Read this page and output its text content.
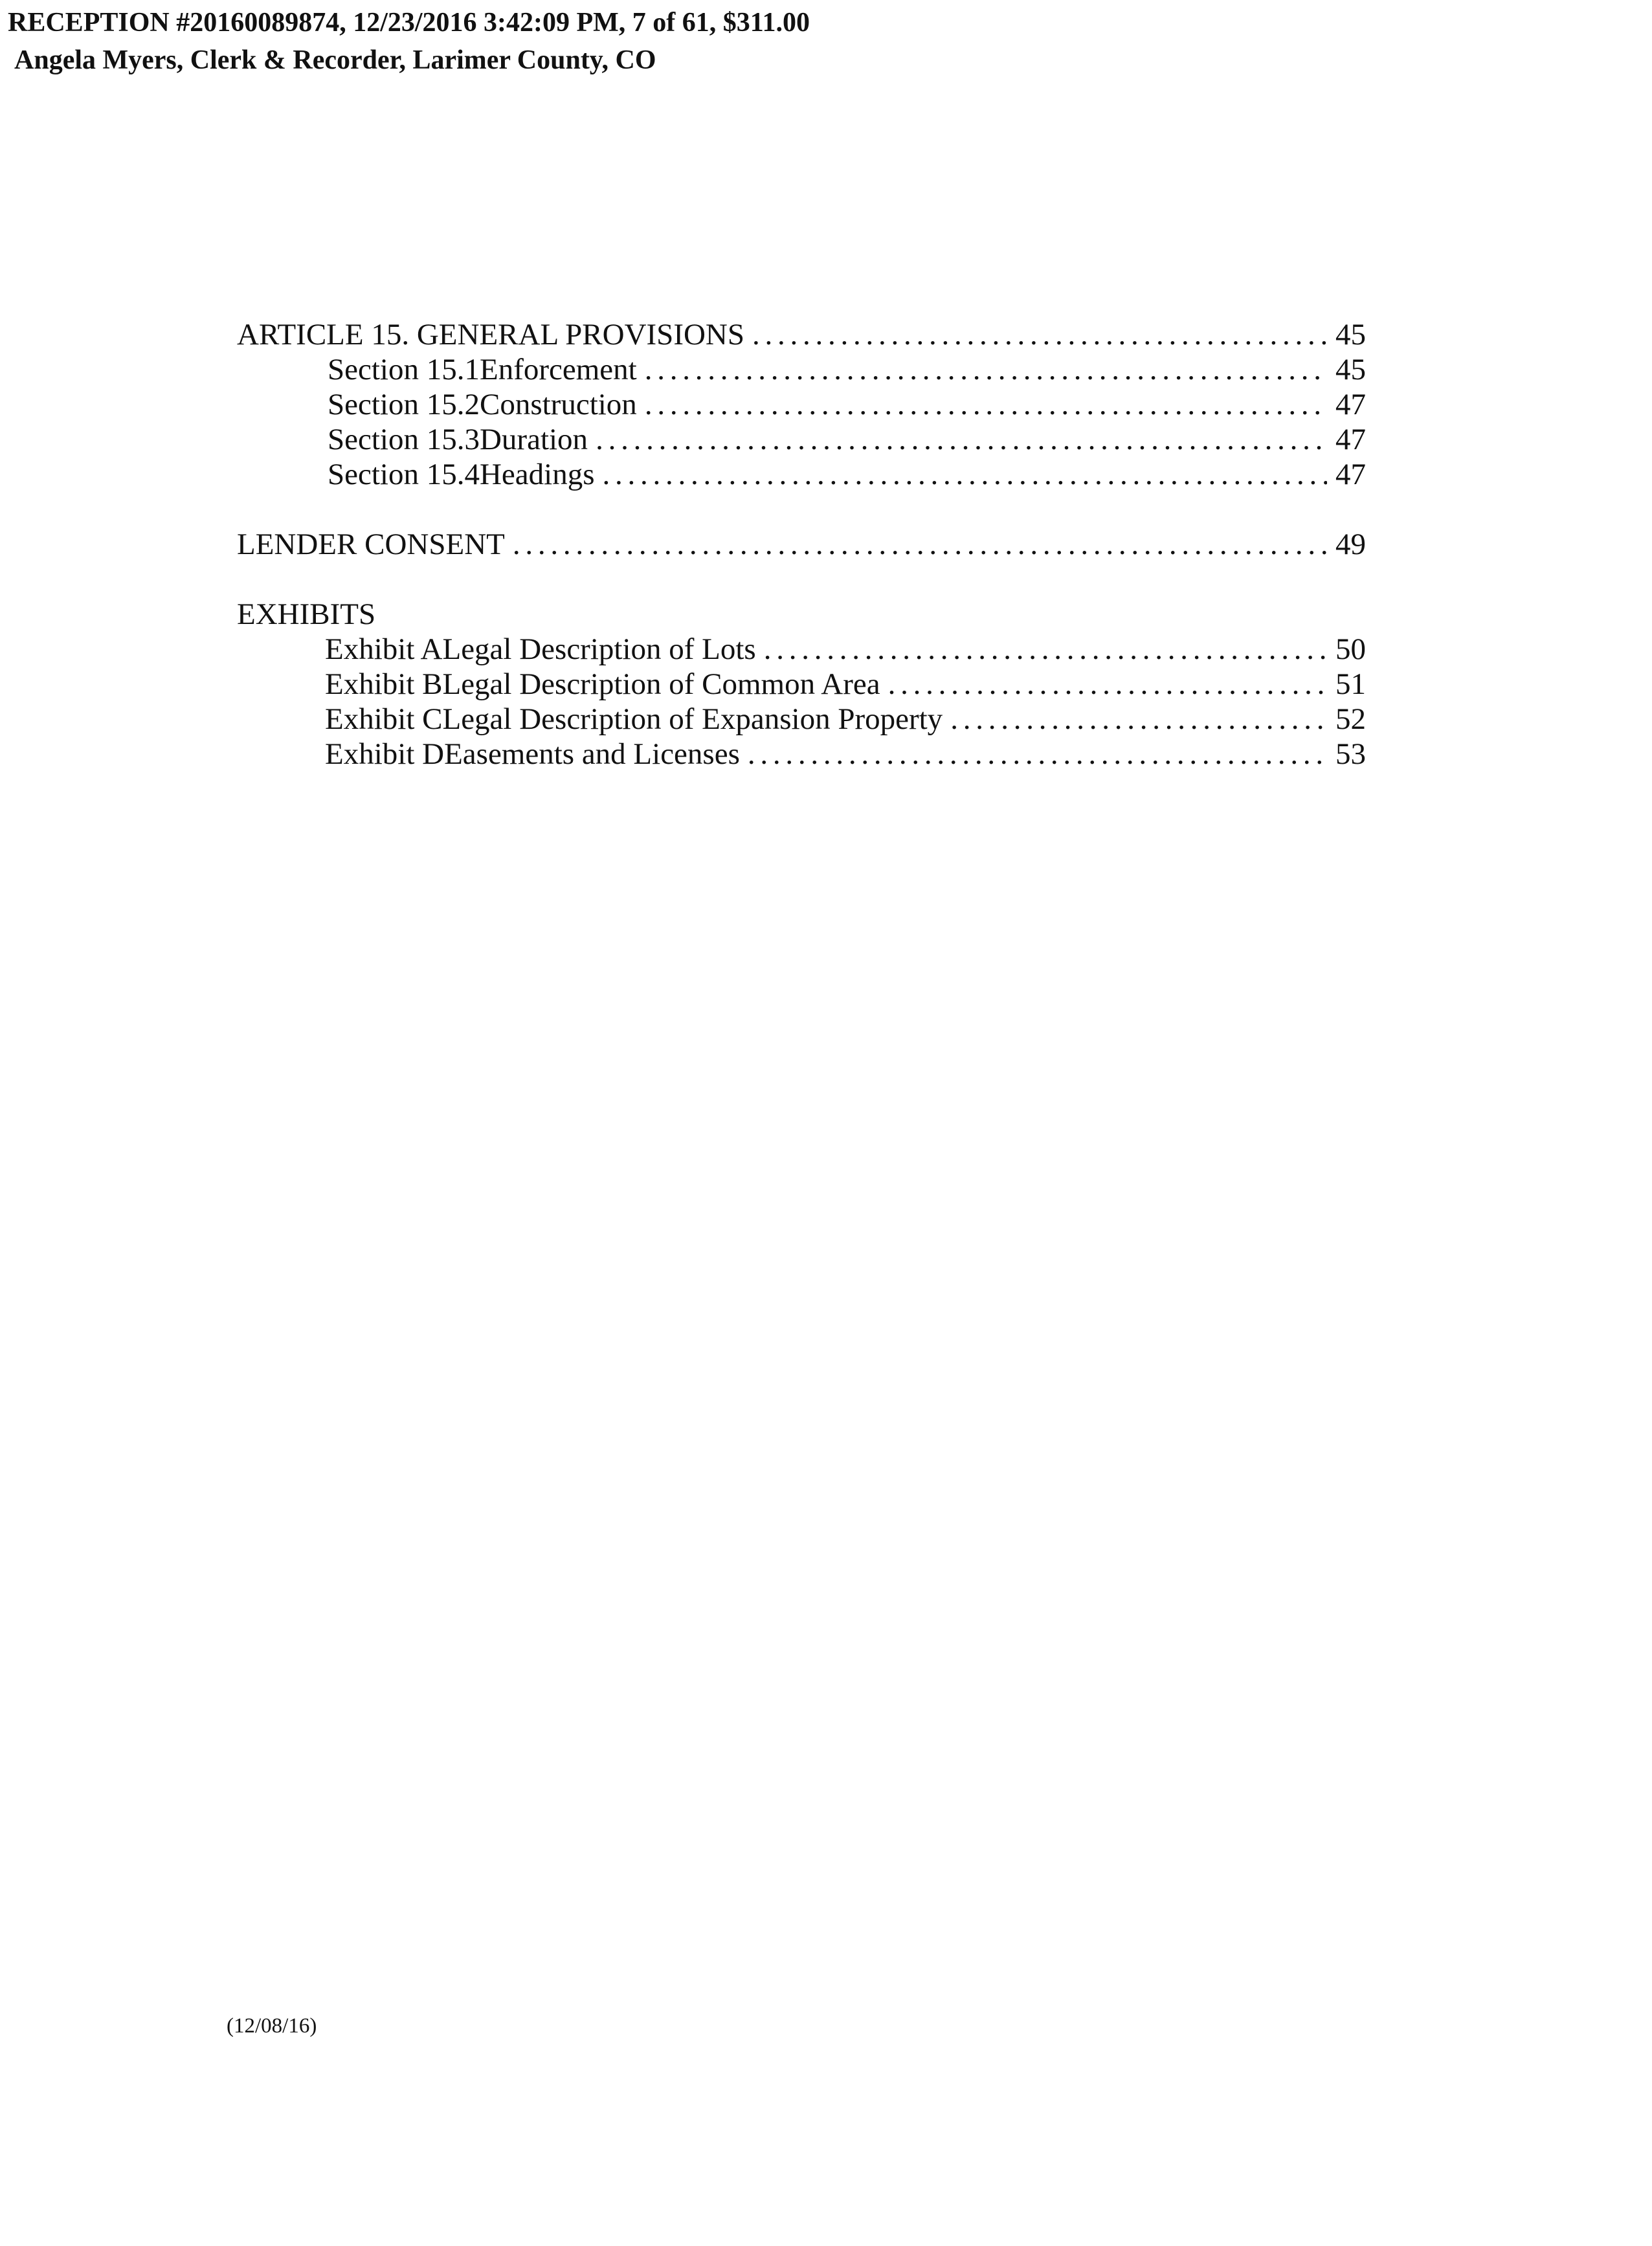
RECEPTION #20160089874, 12/23/2016 3:42:09 PM, 7 of 61, $311.00
Angela Myers, Clerk & Recorder, Larimer County, CO
ARTICLE 15. GENERAL PROVISIONS . . .	45
Section 15.1 Enforcement . . .	45
Section 15.2 Construction . . .	47
Section 15.3 Duration . . .	47
Section 15.4 Headings . . .	47
LENDER CONSENT . . .	49
EXHIBITS
Exhibit A Legal Description of Lots . . .	50
Exhibit B Legal Description of Common Area . . .	51
Exhibit C Legal Description of Expansion Property . . .	52
Exhibit D Easements and Licenses . . .	53
(12/08/16)
